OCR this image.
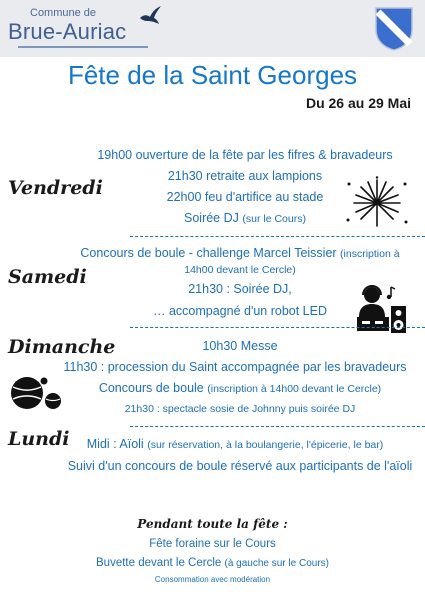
Commune de
Brue-Auriac
Fête de la Saint Georges
Du 26 au 29 Mai
Vendredi
19h00 ouverture de la fête par les fifres & bravadeurs
21h30 retraite aux lampions
22h00 feu d'artifice au stade
Soirée DJ (sur le Cours)
Samedi
Concours de boule - challenge Marcel Teissier (inscription à
14h00 devant le Cercle)
21h30 : Soirée DJ,
… accompagné d'un robot LED
Dimanche	10h30 Messe
11h30 : procession du Saint accompagnée par les bravadeurs
Concours de boule (inscription à 14h00 devant le Cercle)
21h30 : spectacle sosie de Johnny puis soirée DJ
Lundi	Midi : Aïoli (sur réservation, à la boulangerie, l'épicerie, le bar)
Suivi d'un concours de boule réservé aux participants de l'aïoli
Pendant toute la fête :
Fête foraine sur le Cours
Buvette devant le Cercle (à gauche sur le Cours)
Consommation avec modération
